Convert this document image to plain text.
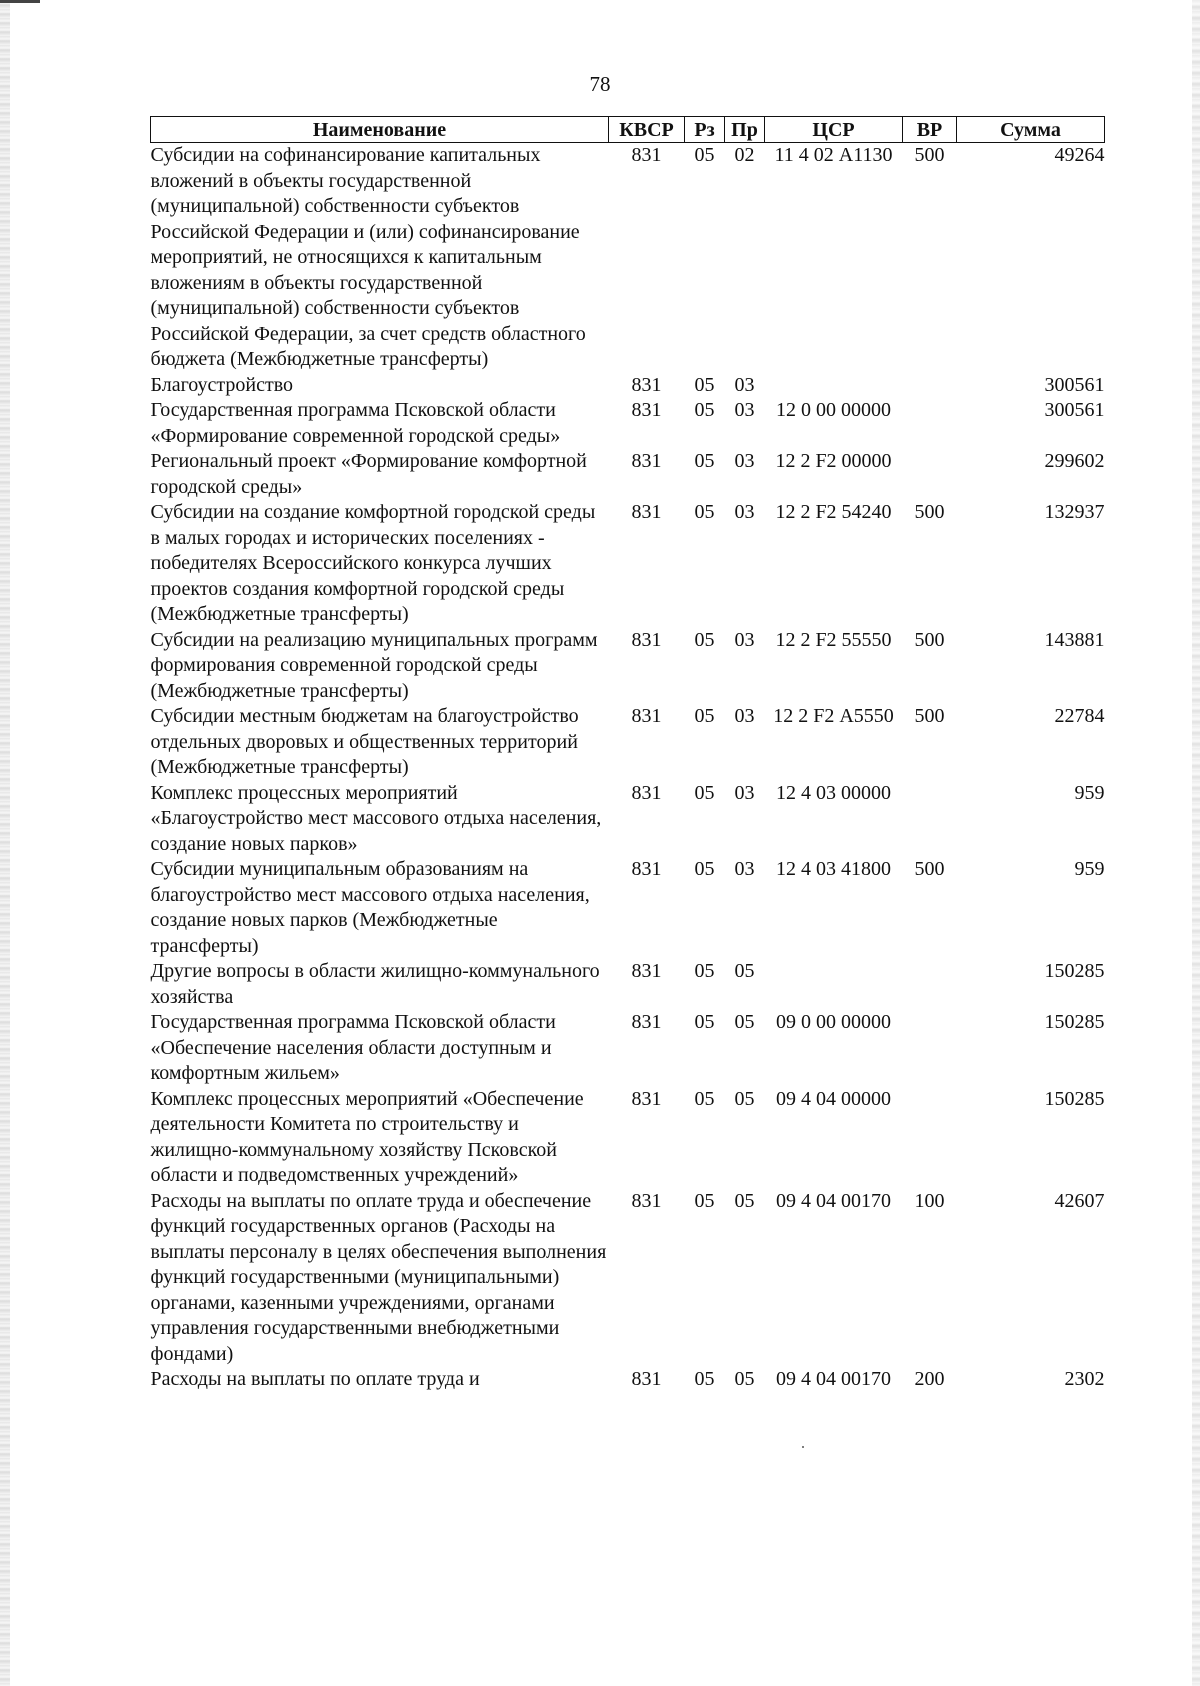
78
Наименование	КВСР	Рз	Пр	ЦСР	ВР	Сумма
Субсидии на софинансирование капитальных вложений в объекты государственной (муниципальной) собственности субъектов Российской Федерации и (или) софинансирование мероприятий, не относящихся к капитальным вложениям в объекты государственной (муниципальной) собственности субъектов Российской Федерации, за счет средств областного бюджета (Межбюджетные трансферты)	831	05	02	11 4 02 А1130	500	49264
Благоустройство	831	05	03			300561
Государственная программа Псковской области «Формирование современной городской среды»	831	05	03	12 0 00 00000		300561
Региональный проект «Формирование комфортной городской среды»	831	05	03	12 2 F2 00000		299602
Субсидии на создание комфортной городской среды в малых городах и исторических поселениях - победителях Всероссийского конкурса лучших проектов создания комфортной городской среды (Межбюджетные трансферты)	831	05	03	12 2 F2 54240	500	132937
Субсидии на реализацию муниципальных программ формирования современной городской среды (Межбюджетные трансферты)	831	05	03	12 2 F2 55550	500	143881
Субсидии местным бюджетам на благоустройство отдельных дворовых и общественных территорий (Межбюджетные трансферты)	831	05	03	12 2 F2 А5550	500	22784
Комплекс процессных мероприятий «Благоустройство мест массового отдыха населения, создание новых парков»	831	05	03	12 4 03 00000		959
Субсидии муниципальным образованиям на благоустройство мест массового отдыха населения, создание новых парков (Межбюджетные трансферты)	831	05	03	12 4 03 41800	500	959
Другие вопросы в области жилищно-коммунального хозяйства	831	05	05			150285
Государственная программа Псковской области «Обеспечение населения области доступным и комфортным жильем»	831	05	05	09 0 00 00000		150285
Комплекс процессных мероприятий «Обеспечение деятельности Комитета по строительству и жилищно-коммунальному хозяйству Псковской области и подведомственных учреждений»	831	05	05	09 4 04 00000		150285
Расходы на выплаты по оплате труда и обеспечение функций государственных органов (Расходы на выплаты персоналу в целях обеспечения выполнения функций государственными (муниципальными) органами, казенными учреждениями, органами управления государственными внебюджетными фондами)	831	05	05	09 4 04 00170	100	42607
Расходы на выплаты по оплате труда и	831	05	05	09 4 04 00170	200	2302
